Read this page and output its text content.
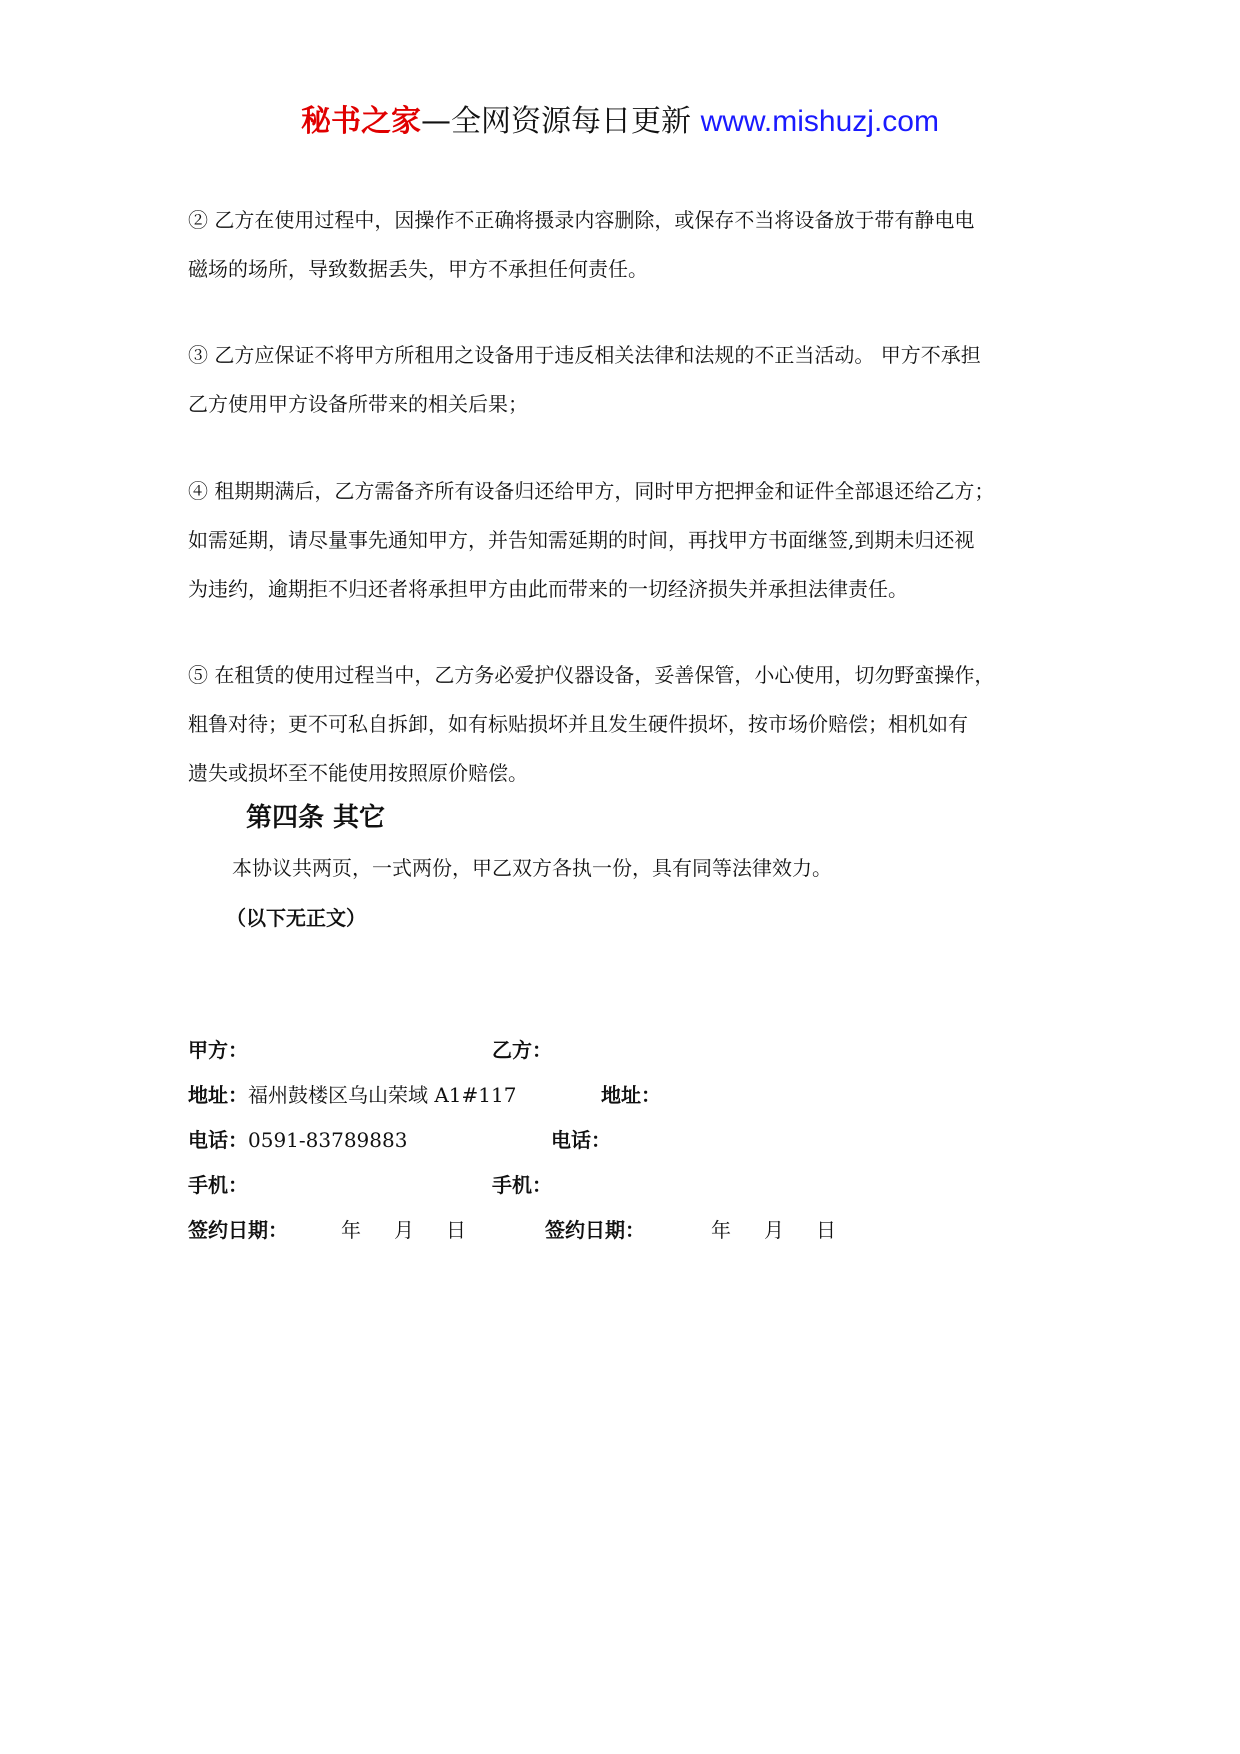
秘书之家—全网资源每日更新 www.mishuzj.com
② 乙方在使用过程中，因操作不正确将摄录内容删除，或保存不当将设备放于带有静电电
磁场的场所，导致数据丢失，甲方不承担任何责任。
③ 乙方应保证不将甲方所租用之设备用于违反相关法律和法规的不正当活动。 甲方不承担
乙方使用甲方设备所带来的相关后果；
④ 租期期满后，乙方需备齐所有设备归还给甲方，同时甲方把押金和证件全部退还给乙方；
如需延期，请尽量事先通知甲方，并告知需延期的时间，再找甲方书面继签,到期未归还视
为违约，逾期拒不归还者将承担甲方由此而带来的一切经济损失并承担法律责任。
⑤ 在租赁的使用过程当中，乙方务必爱护仪器设备，妥善保管，小心使用，切勿野蛮操作，
粗鲁对待；更不可私自拆卸，如有标贴损坏并且发生硬件损坏，按市场价赔偿；相机如有
遗失或损坏至不能使用按照原价赔偿。
第四条 其它
本协议共两页，一式两份，甲乙双方各执一份，具有同等法律效力。
（以下无正文）
甲方：	乙方：
地址：福州鼓楼区乌山荣域 A1#117	地址：
电话：0591-83789883	电话：
手机：	手机：
签约日期：	年 月 日	签约日期：	年 月 日
